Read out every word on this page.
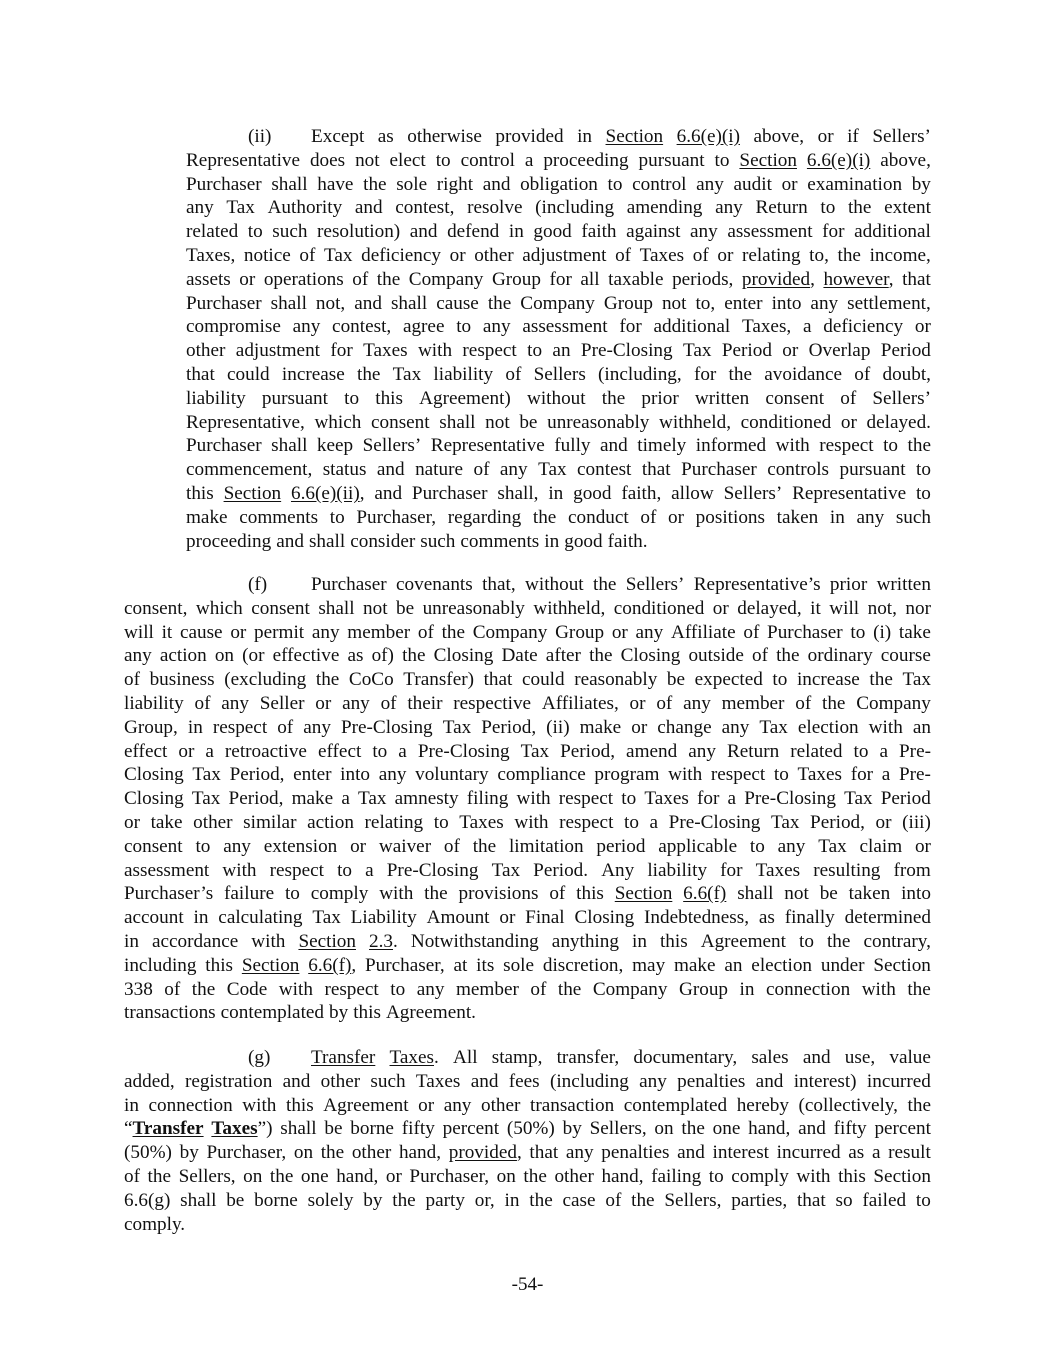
(ii) Except as otherwise provided in Section 6.6(e)(i) above, or if Sellers’
Representative does not elect to control a proceeding pursuant to Section 6.6(e)(i) above,
Purchaser shall have the sole right and obligation to control any audit or examination by
any Tax Authority and contest, resolve (including amending any Return to the extent
related to such resolution) and defend in good faith against any assessment for additional
Taxes, notice of Tax deficiency or other adjustment of Taxes of or relating to, the income,
assets or operations of the Company Group for all taxable periods, provided, however, that
Purchaser shall not, and shall cause the Company Group not to, enter into any settlement,
compromise any contest, agree to any assessment for additional Taxes, a deficiency or
other adjustment for Taxes with respect to an Pre-Closing Tax Period or Overlap Period
that could increase the Tax liability of Sellers (including, for the avoidance of doubt,
liability pursuant to this Agreement) without the prior written consent of Sellers’
Representative, which consent shall not be unreasonably withheld, conditioned or delayed.
Purchaser shall keep Sellers’ Representative fully and timely informed with respect to the
commencement, status and nature of any Tax contest that Purchaser controls pursuant to
this Section 6.6(e)(ii), and Purchaser shall, in good faith, allow Sellers’ Representative to
make comments to Purchaser, regarding the conduct of or positions taken in any such
proceeding and shall consider such comments in good faith.
(f) Purchaser covenants that, without the Sellers’ Representative’s prior written
consent, which consent shall not be unreasonably withheld, conditioned or delayed, it will not, nor
will it cause or permit any member of the Company Group or any Affiliate of Purchaser to (i) take
any action on (or effective as of) the Closing Date after the Closing outside of the ordinary course
of business (excluding the CoCo Transfer) that could reasonably be expected to increase the Tax
liability of any Seller or any of their respective Affiliates, or of any member of the Company
Group, in respect of any Pre-Closing Tax Period, (ii) make or change any Tax election with an
effect or a retroactive effect to a Pre-Closing Tax Period, amend any Return related to a Pre-
Closing Tax Period, enter into any voluntary compliance program with respect to Taxes for a Pre-
Closing Tax Period, make a Tax amnesty filing with respect to Taxes for a Pre-Closing Tax Period
or take other similar action relating to Taxes with respect to a Pre-Closing Tax Period, or (iii)
consent to any extension or waiver of the limitation period applicable to any Tax claim or
assessment with respect to a Pre-Closing Tax Period. Any liability for Taxes resulting from
Purchaser’s failure to comply with the provisions of this Section 6.6(f) shall not be taken into
account in calculating Tax Liability Amount or Final Closing Indebtedness, as finally determined
in accordance with Section 2.3. Notwithstanding anything in this Agreement to the contrary,
including this Section 6.6(f), Purchaser, at its sole discretion, may make an election under Section
338 of the Code with respect to any member of the Company Group in connection with the
transactions contemplated by this Agreement.
(g) Transfer Taxes. All stamp, transfer, documentary, sales and use, value
added, registration and other such Taxes and fees (including any penalties and interest) incurred
in connection with this Agreement or any other transaction contemplated hereby (collectively, the
“Transfer Taxes”) shall be borne fifty percent (50%) by Sellers, on the one hand, and fifty percent
(50%) by Purchaser, on the other hand, provided, that any penalties and interest incurred as a result
of the Sellers, on the one hand, or Purchaser, on the other hand, failing to comply with this Section
6.6(g) shall be borne solely by the party or, in the case of the Sellers, parties, that so failed to
comply.
-54-
